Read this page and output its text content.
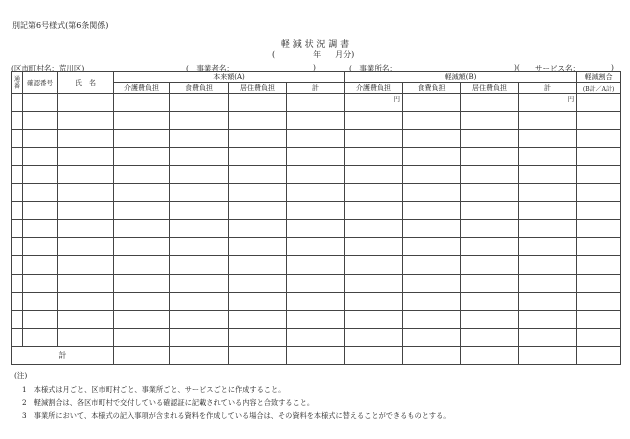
別記第6号様式(第6条関係)
軽 減 状 況 調 書
(	年 月分)
(区市町村名：荒川区)	(　事業者名：	)	(　事業所名：	)( サービス名：	)
通番	確認番号	氏　名	本来額(A)				軽減額(B)				軽減割合
			介護費負担	食費負担	居住費負担	計	介護費負担	食費負担	居住費負担	計	(B計／A計)
							円			円	

計											
(注)
1　本様式は月ごと、区市町村ごと、事業所ごと、サービスごとに作成すること。
2　軽減割合は、各区市町村で交付している確認証に記載されている内容と合致すること。
3　事業所において、本様式の記入事項が含まれる資料を作成している場合は、その資料を本様式に替えることができるものとする。
